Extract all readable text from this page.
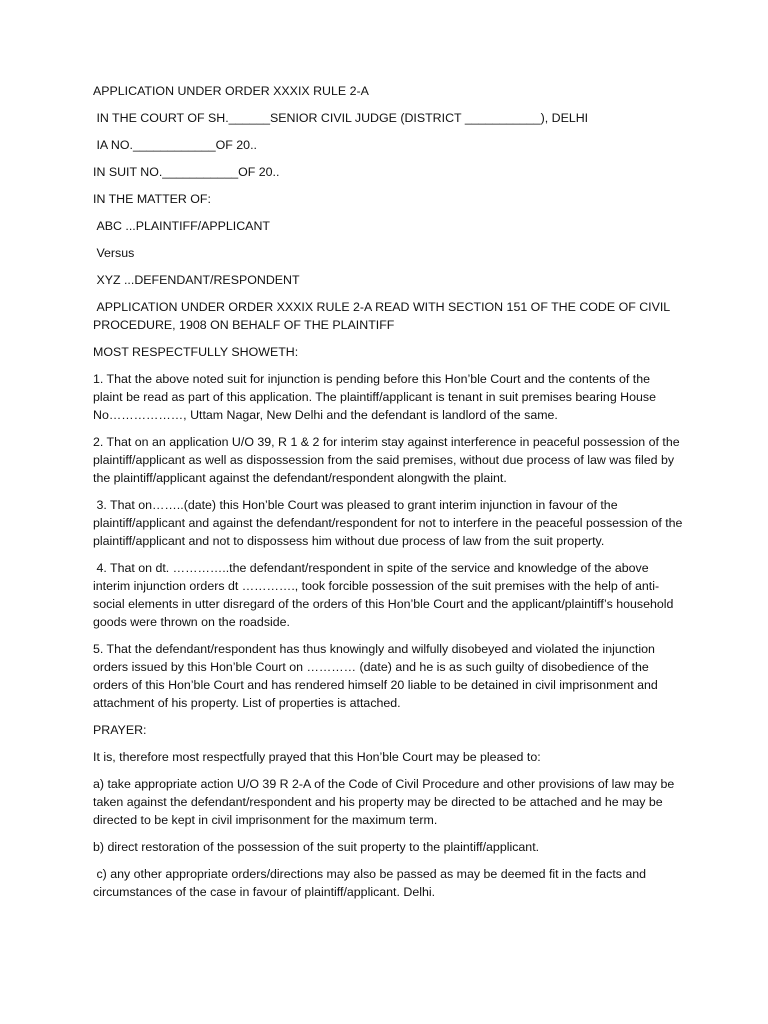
APPLICATION UNDER ORDER XXXIX RULE 2-A

IN THE COURT OF SH.______SENIOR CIVIL JUDGE (DISTRICT ___________), DELHI

IA NO.____________OF 20..

IN SUIT NO.___________OF 20..

IN THE MATTER OF:

ABC ...PLAINTIFF/APPLICANT

Versus

XYZ ...DEFENDANT/RESPONDENT

APPLICATION UNDER ORDER XXXIX RULE 2-A READ WITH SECTION 151 OF THE CODE OF CIVIL PROCEDURE, 1908 ON BEHALF OF THE PLAINTIFF

MOST RESPECTFULLY SHOWETH:

1. That the above noted suit for injunction is pending before this Hon’ble Court and the contents of the plaint be read as part of this application. The plaintiff/applicant is tenant in suit premises bearing House No………………, Uttam Nagar, New Delhi and the defendant is landlord of the same.

2. That on an application U/O 39, R 1 & 2 for interim stay against interference in peaceful possession of the plaintiff/applicant as well as dispossession from the said premises, without due process of law was filed by the plaintiff/applicant against the defendant/respondent alongwith the plaint.

3. That on……..(date) this Hon’ble Court was pleased to grant interim injunction in favour of the plaintiff/applicant and against the defendant/respondent for not to interfere in the peaceful possession of the plaintiff/applicant and not to dispossess him without due process of law from the suit property.

4. That on dt. …………..the defendant/respondent in spite of the service and knowledge of the above interim injunction orders dt …………., took forcible possession of the suit premises with the help of anti-social elements in utter disregard of the orders of this Hon’ble Court and the applicant/plaintiff’s household goods were thrown on the roadside.

5. That the defendant/respondent has thus knowingly and wilfully disobeyed and violated the injunction orders issued by this Hon’ble Court on ………… (date) and he is as such guilty of disobedience of the orders of this Hon’ble Court and has rendered himself 20 liable to be detained in civil imprisonment and attachment of his property. List of properties is attached.

PRAYER:

It is, therefore most respectfully prayed that this Hon’ble Court may be pleased to:

a) take appropriate action U/O 39 R 2-A of the Code of Civil Procedure and other provisions of law may be taken against the defendant/respondent and his property may be directed to be attached and he may be directed to be kept in civil imprisonment for the maximum term.

b) direct restoration of the possession of the suit property to the plaintiff/applicant.

c) any other appropriate orders/directions may also be passed as may be deemed fit in the facts and circumstances of the case in favour of plaintiff/applicant. Delhi.
